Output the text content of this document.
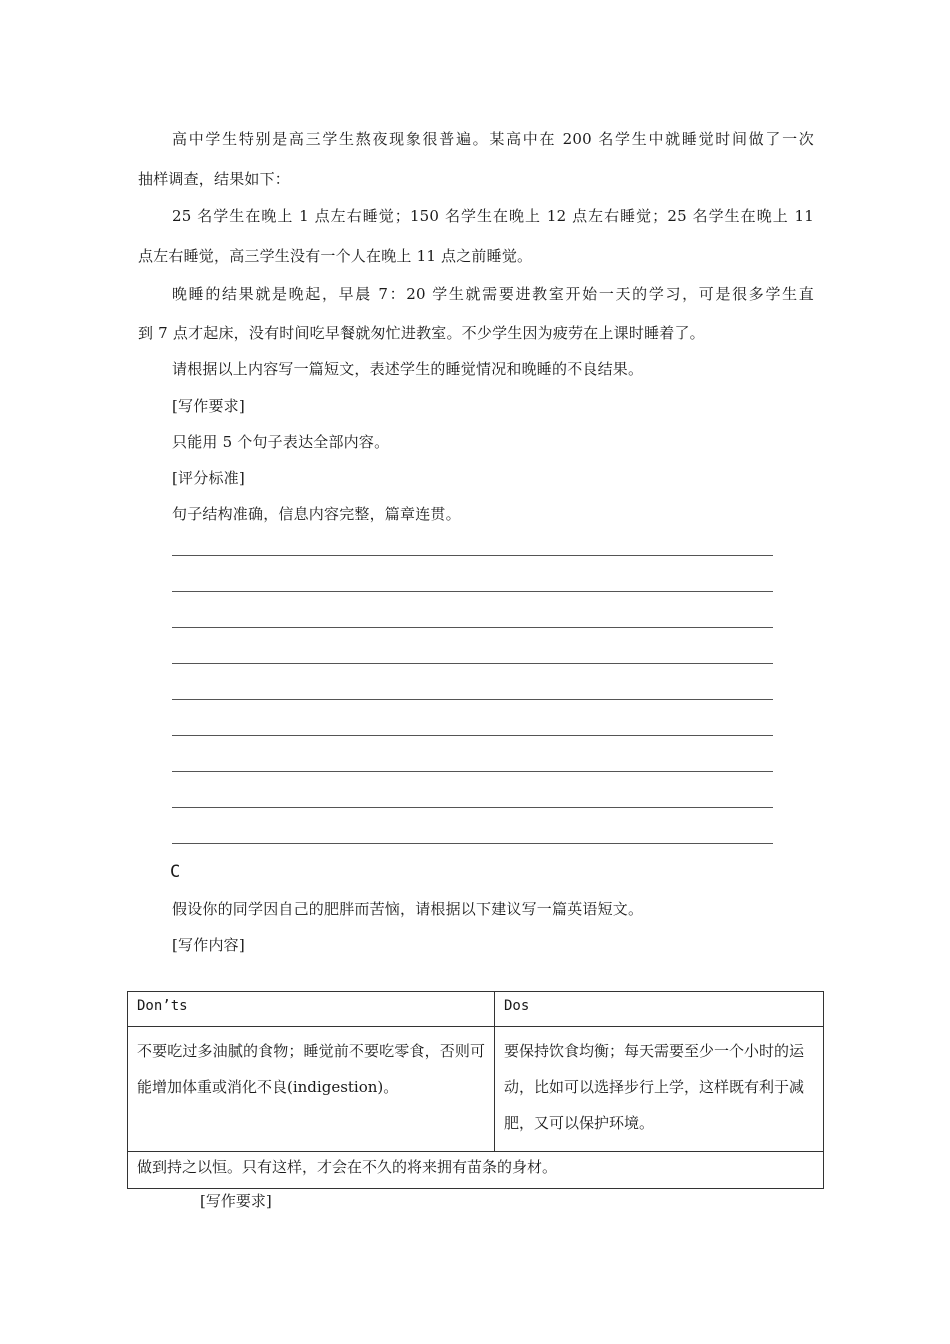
高中学生特别是高三学生熬夜现象很普遍。某高中在 200 名学生中就睡觉时间做了一次
抽样调查，结果如下：
25 名学生在晚上 1 点左右睡觉；150 名学生在晚上 12 点左右睡觉；25 名学生在晚上 11
点左右睡觉，高三学生没有一个人在晚上 11 点之前睡觉。
晚睡的结果就是晚起，早晨 7：20 学生就需要进教室开始一天的学习，可是很多学生直
到 7 点才起床，没有时间吃早餐就匆忙进教室。不少学生因为疲劳在上课时睡着了。
请根据以上内容写一篇短文，表述学生的睡觉情况和晚睡的不良结果。
[写作要求]
只能用 5 个句子表达全部内容。
[评分标准]
句子结构准确，信息内容完整，篇章连贯。
C
假设你的同学因自己的肥胖而苦恼，请根据以下建议写一篇英语短文。
[写作内容]
Don’ts	Dos
不要吃过多油腻的食物；睡觉前不要吃零食，否则可能增加体重或消化不良(indigestion)。	要保持饮食均衡；每天需要至少一个小时的运动，比如可以选择步行上学，这样既有利于减肥，又可以保护环境。
做到持之以恒。只有这样，才会在不久的将来拥有苗条的身材。	
[写作要求]
